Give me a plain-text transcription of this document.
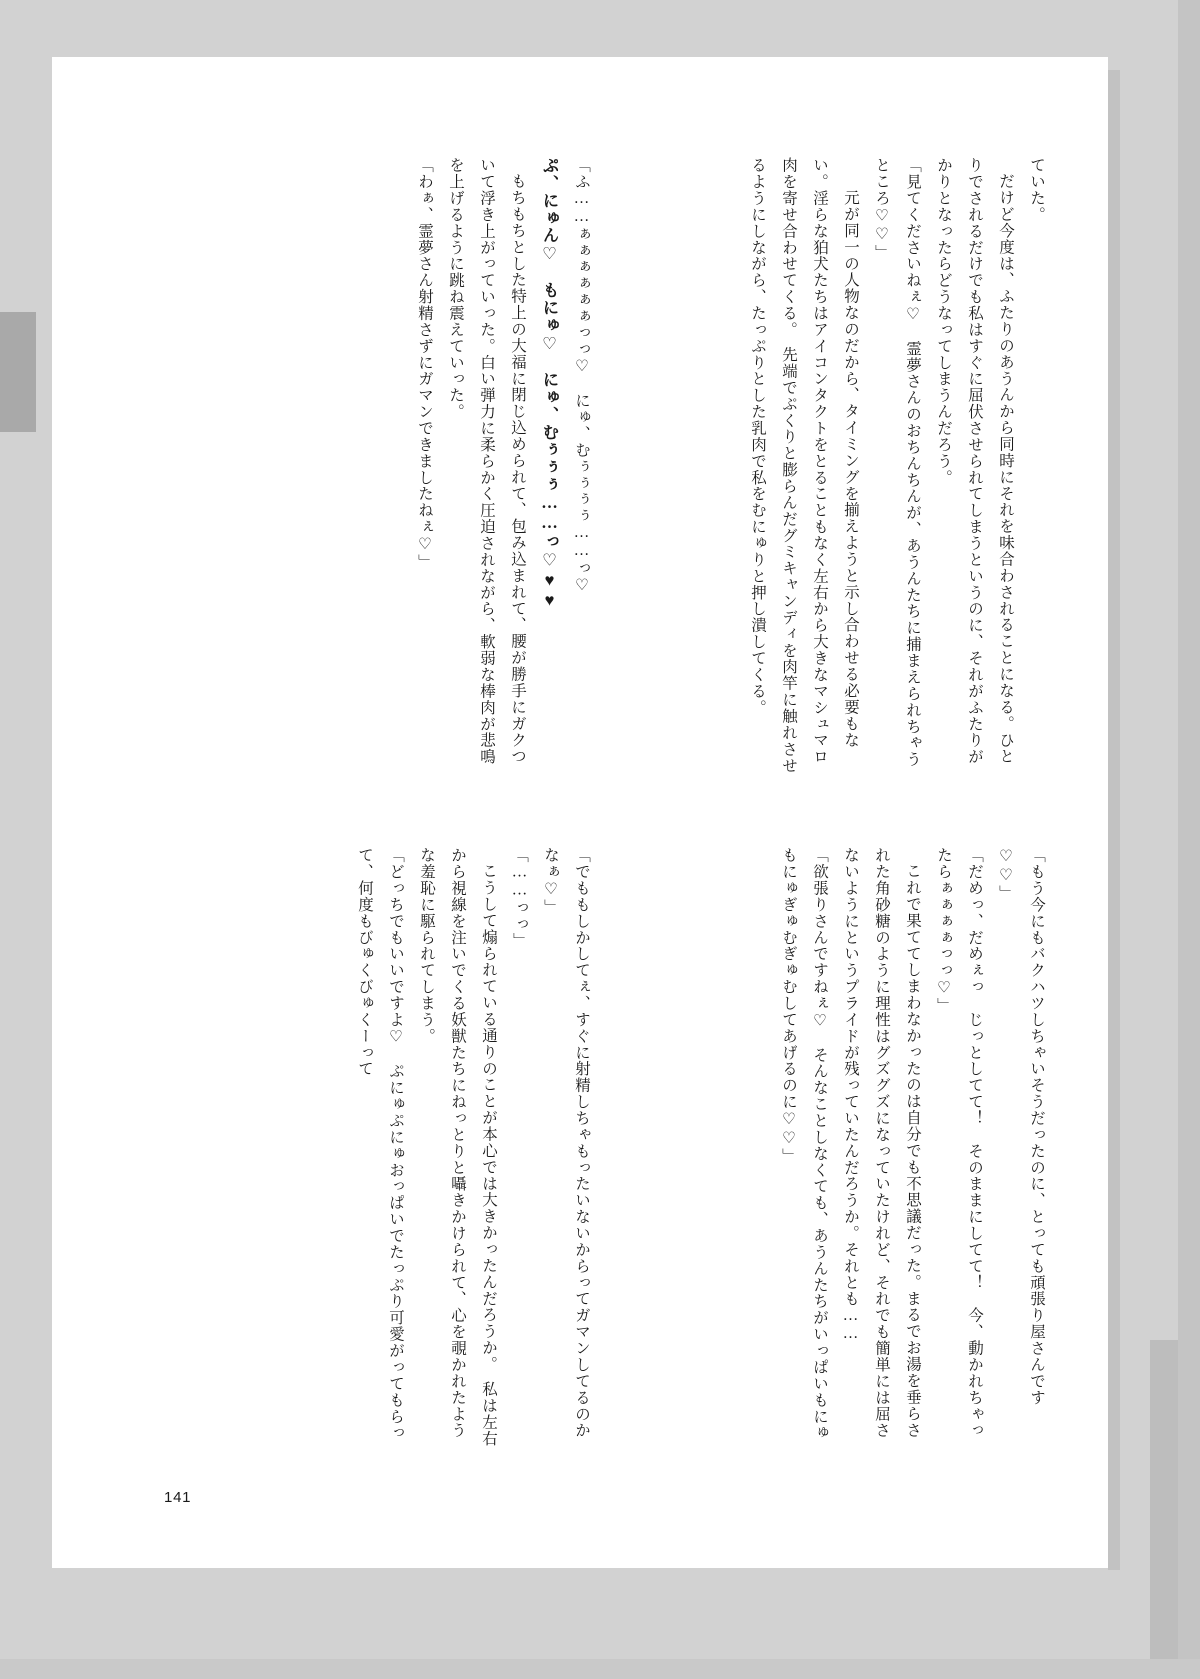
ていた。

だけど今度は、ふたりのあうんから同時にそれを味合わされることになる。ひとりでされるだけでも私はすぐに屈伏させられてしまうというのに、それがふたりがかりとなったらどうなってしまうんだろう。

「見てくださいねぇ♡　霊夢さんのおちんちんが、あうんたちに捕まえられちゃうところ♡♡」

　元が同一の人物なのだから、タイミングを揃えようと示し合わせる必要もない。淫らな狛犬たちはアイコンタクトをとることもなく左右から大きなマシュマロ肉を寄せ合わせてくる。　先端でぷくりと膨らんだグミキャンディを肉竿に触れさせるようにしながら、たっぷりとした乳肉で私をむにゅりと押し潰してくる。

「ふ……ぁぁぁぁぁぁっっ♡　にゅ、むぅぅぅぅ……っ♡

ぷ、にゅん♡　もにゅ♡　にゅ、むぅぅぅ……っ♡♥♥

もちもちとした特上の大福に閉じ込められて、包み込まれて、腰が勝手にガクついて浮き上がっていった。白い弾力に柔らかく圧迫されながら、軟弱な棒肉が悲鳴を上げるように跳ね震えていった。

「わぁ、霊夢さん射精さずにガマンできましたねぇ♡」

「もう今にもバクハツしちゃいそうだったのに、とっても頑張り屋さんです♡♡」

「だめっ、だめぇっ　じっとしてて！　そのままにしてて！　今、動かれちゃったらぁぁぁぁっっ♡」

これで果ててしまわなかったのは自分でも不思議だった。まるでお湯を垂らされた角砂糖のように理性はグズグズになっていたけれど、それでも簡単には屈さないようにというプライドが残っていたんだろうか。それとも……

「欲張りさんですねぇ♡　そんなことしなくても、あうんたちがいっぱいもにゅもにゅぎゅむぎゅむしてあげるのに♡♡」

「でももしかしてぇ、すぐに射精しちゃもったいないからってガマンしてるのかなぁ♡」

「……っっ」

こうして煽られている通りのことが本心では大きかったんだろうか。　私は左右から視線を注いでくる妖獣たちにねっとりと囁きかけられて、心を覗かれたような羞恥に駆られてしまう。

「どっちでもいいですよ♡　ぷにゅぷにゅおっぱいでたっぷり可愛がってもらって、何度もびゅくびゅくーって

141
